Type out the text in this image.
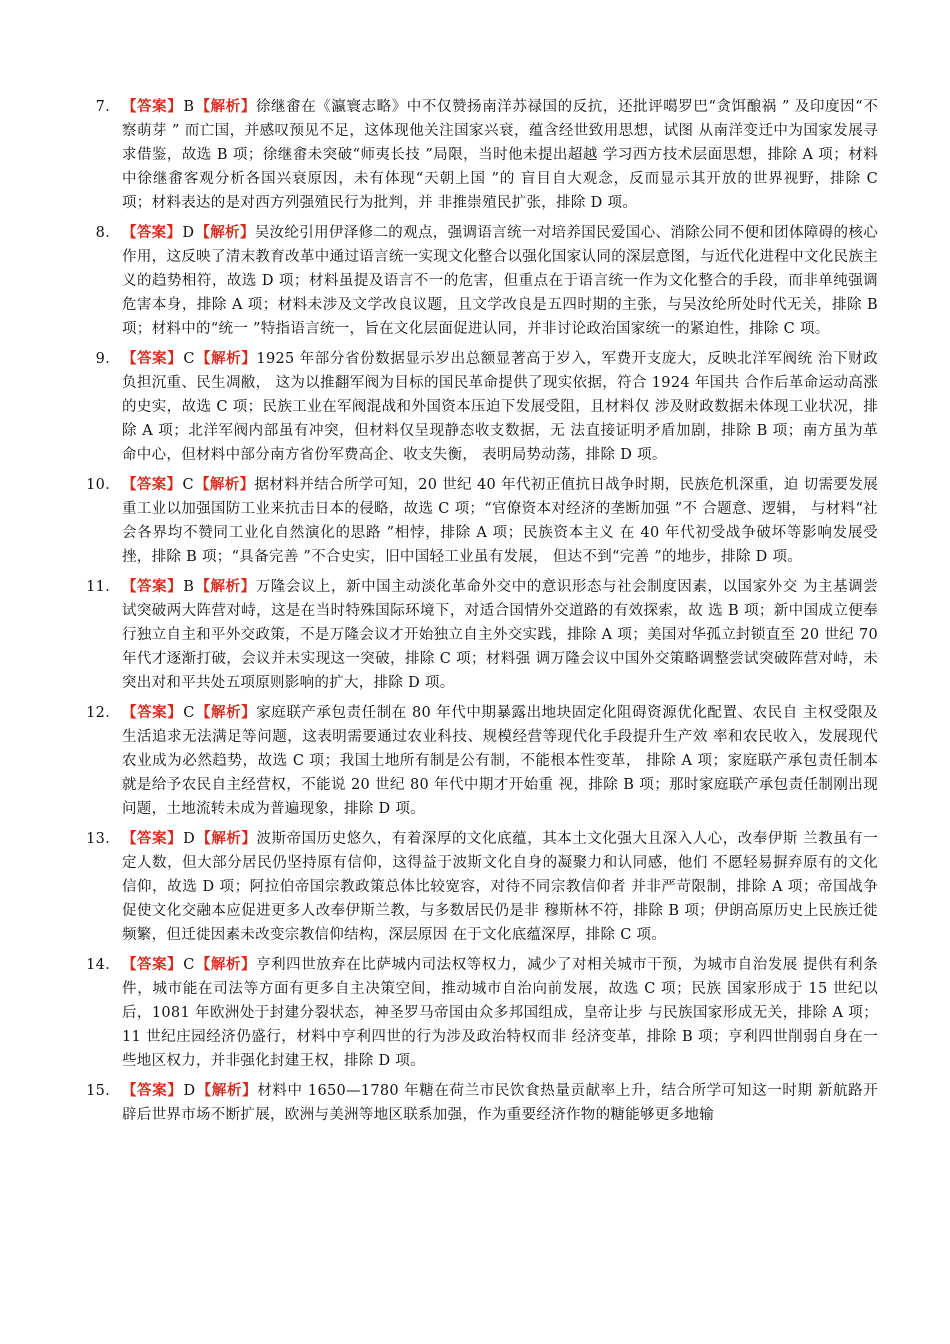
7． 【答案】B【解析】徐继畬在《瀛寰志略》中不仅赞扬南洋苏禄国的反抗，还批评噶罗巴“贪饵酿祸 ” 及印度因“不察萌芽 ” 而亡国，并感叹预见不足，这体现他关注国家兴衰，蕴含经世致用思想，试图 从南洋变迁中为国家发展寻求借鉴，故选 B 项；徐继畬未突破“师夷长技 ”局限，当时他未提出超越 学习西方技术层面思想，排除 A 项；材料中徐继畬客观分析各国兴衰原因，未有体现“天朝上国 ”的 盲目自大观念，反而显示其开放的世界视野，排除 C 项；材料表达的是对西方列强殖民行为批判，并 非推崇殖民扩张，排除 D 项。
8． 【答案】D【解析】吴汝纶引用伊泽修二的观点，强调语言统一对培养国民爱国心、消除公同不便和团体障碍的核心作用，这反映了清末教育改革中通过语言统一实现文化整合以强化国家认同的深层意图，与近代化进程中文化民族主义的趋势相符，故选 D 项；材料虽提及语言不一的危害，但重点在于语言统一作为文化整合的手段，而非单纯强调危害本身，排除 A 项；材料未涉及文学改良议题，且文学改良是五四时期的主张，与吴汝纶所处时代无关，排除 B 项；材料中的“统一 ”特指语言统一，旨在文化层面促进认同，并非讨论政治国家统一的紧迫性，排除 C 项。
9． 【答案】C【解析】1925 年部分省份数据显示岁出总额显著高于岁入，军费开支庞大，反映北洋军阀统 治下财政负担沉重、民生凋敝， 这为以推翻军阀为目标的国民革命提供了现实依据，符合 1924 年国共 合作后革命运动高涨的史实，故选 C 项；民族工业在军阀混战和外国资本压迫下发展受阻，且材料仅 涉及财政数据未体现工业状况，排除 A 项；北洋军阀内部虽有冲突，但材料仅呈现静态收支数据，无 法直接证明矛盾加剧，排除 B 项；南方虽为革命中心，但材料中部分南方省份军费高企、收支失衡， 表明局势动荡，排除 D 项。
10． 【答案】C【解析】据材料并结合所学可知，20 世纪 40 年代初正值抗日战争时期，民族危机深重，迫 切需要发展重工业以加强国防工业来抗击日本的侵略，故选 C 项；“官僚资本对经济的垄断加强 ”不 合题意、逻辑， 与材料“社会各界均不赞同工业化自然演化的思路 ”相悖，排除 A 项；民族资本主义 在 40 年代初受战争破坏等影响发展受挫，排除 B 项；“具备完善 ”不合史实，旧中国轻工业虽有发展， 但达不到“完善 ”的地步，排除 D 项。
11． 【答案】B【解析】万隆会议上，新中国主动淡化革命外交中的意识形态与社会制度因素，以国家外交 为主基调尝试突破两大阵营对峙，这是在当时特殊国际环境下，对适合国情外交道路的有效探索，故 选 B 项；新中国成立便奉行独立自主和平外交政策，不是万隆会议才开始独立自主外交实践，排除 A 项；美国对华孤立封锁直至 20 世纪 70 年代才逐渐打破，会议并未实现这一突破，排除 C 项；材料强 调万隆会议中国外交策略调整尝试突破阵营对峙，未突出对和平共处五项原则影响的扩大，排除 D 项。
12． 【答案】C【解析】家庭联产承包责任制在 80 年代中期暴露出地块固定化阻碍资源优化配置、农民自 主权受限及生活追求无法满足等问题，这表明需要通过农业科技、规模经营等现代化手段提升生产效 率和农民收入，发展现代农业成为必然趋势，故选 C 项；我国土地所有制是公有制，不能根本性变革， 排除 A 项；家庭联产承包责任制本就是给予农民自主经营权，不能说 20 世纪 80 年代中期才开始重 视，排除 B 项；那时家庭联产承包责任制刚出现问题，土地流转未成为普遍现象，排除 D 项。
13． 【答案】D【解析】波斯帝国历史悠久，有着深厚的文化底蕴，其本土文化强大且深入人心，改奉伊斯 兰教虽有一定人数，但大部分居民仍坚持原有信仰，这得益于波斯文化自身的凝聚力和认同感，他们 不愿轻易摒弃原有的文化信仰，故选 D 项；阿拉伯帝国宗教政策总体比较宽容，对待不同宗教信仰者 并非严苛限制，排除 A 项；帝国战争促使文化交融本应促进更多人改奉伊斯兰教，与多数居民仍是非 穆斯林不符，排除 B 项；伊朗高原历史上民族迁徙频繁，但迁徙因素未改变宗教信仰结构，深层原因 在于文化底蕴深厚，排除 C 项。
14． 【答案】C【解析】亨利四世放弃在比萨城内司法权等权力，减少了对相关城市干预，为城市自治发展 提供有利条件，城市能在司法等方面有更多自主决策空间，推动城市自治向前发展，故选 C 项；民族 国家形成于 15 世纪以后，1081 年欧洲处于封建分裂状态，神圣罗马帝国由众多邦国组成，皇帝让步 与民族国家形成无关，排除 A 项；11 世纪庄园经济仍盛行，材料中亨利四世的行为涉及政治特权而非 经济变革，排除 B 项；亨利四世削弱自身在一些地区权力，并非强化封建王权，排除 D 项。
15． 【答案】D【解析】材料中 1650—1780 年糖在荷兰市民饮食热量贡献率上升，结合所学可知这一时期 新航路开辟后世界市场不断扩展，欧洲与美洲等地区联系加强，作为重要经济作物的糖能够更多地输
